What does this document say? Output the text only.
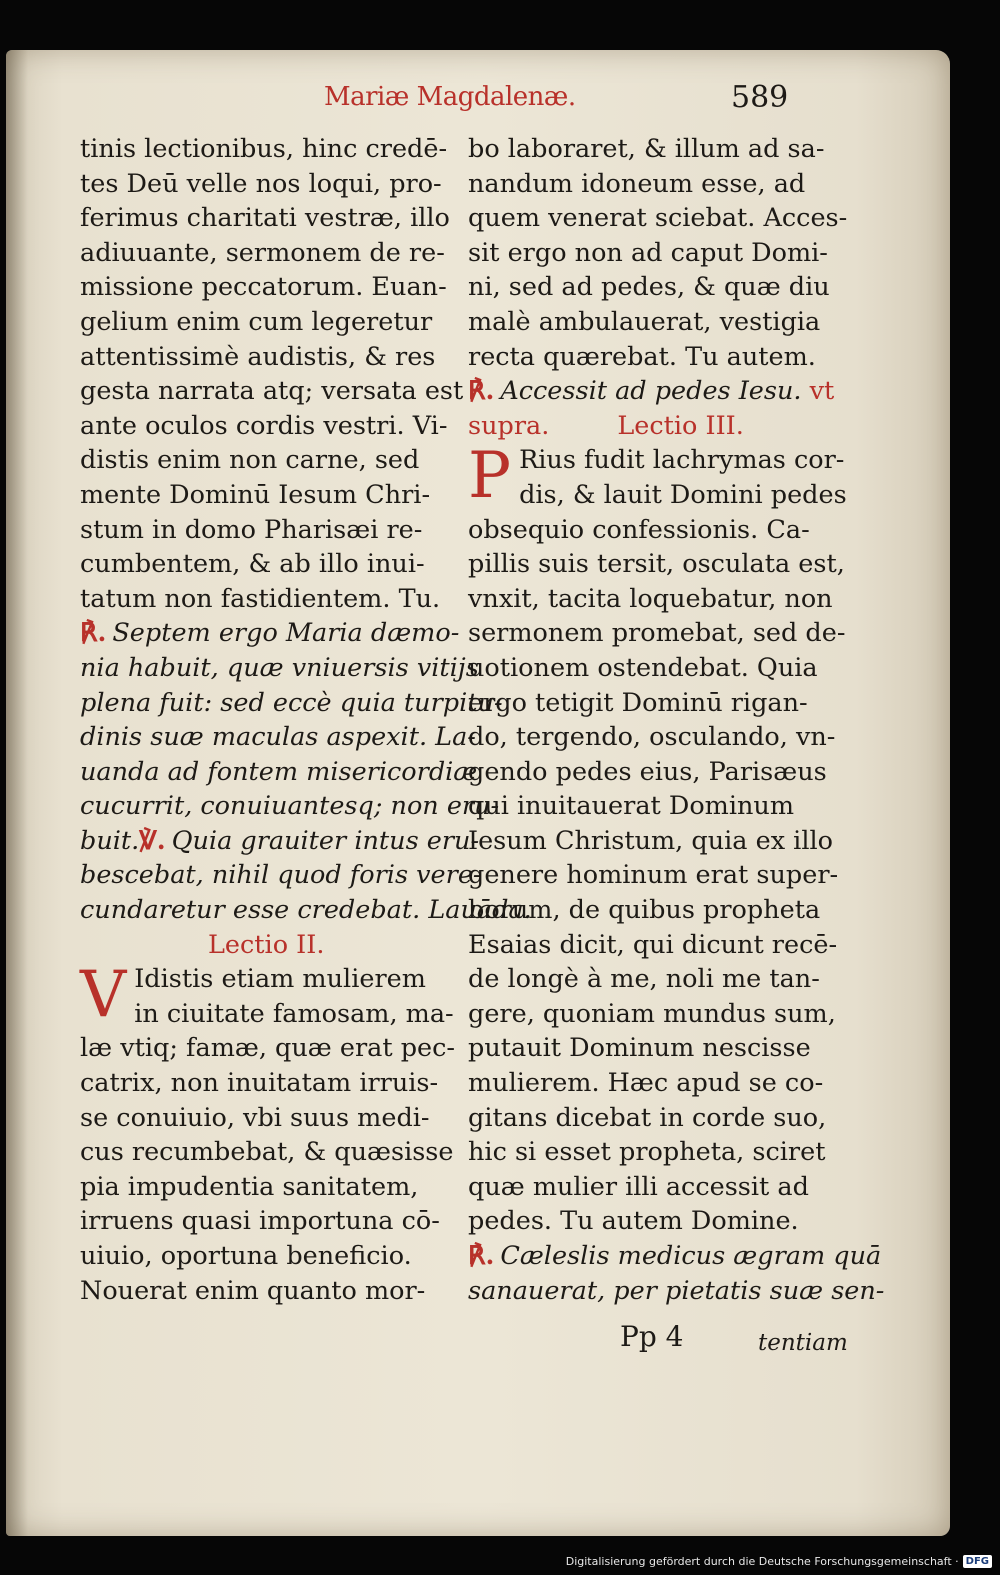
Mariæ Magdalenæ.	589
tinis lectionibus, hinc credē-
tes Deū velle nos loqui, pro-
ferimus charitati vestræ, illo
adiuuante, sermonem de re-
missione peccatorum. Euan-
gelium enim cum legeretur
attentissimè audistis, & res
gesta narrata atq; versata est
ante oculos cordis vestri. Vi-
distis enim non carne, sed
mente Dominū Iesum Chri-
stum in domo Pharisæi re-
cumbentem, & ab illo inui-
tatum non fastidientem. Tu.
℟. Septem ergo Maria dæmo-
nia habuit, quæ vniuersis vitijs
plena fuit: sed eccè quia turpitu-
dinis suæ maculas aspexit. La-
uanda ad fontem misericordiæ
cucurrit, conuiuantesq; non eru-
buit.℣. Quia grauiter intus eru-
bescebat, nihil quod foris vere-
cundaretur esse credebat. Lauāda.
Lectio II.
V Idistis etiam mulierem
in ciuitate famosam, ma-
læ vtiq; famæ, quæ erat pec-
catrix, non inuitatam irruis-
se conuiuio, vbi suus medi-
cus recumbebat, & quæsisse
pia impudentia sanitatem,
irruens quasi importuna cō-
uiuio, oportuna beneficio.
Nouerat enim quanto mor-
bo laboraret, & illum ad sa-
nandum idoneum esse, ad
quem venerat sciebat. Acces-
sit ergo non ad caput Domi-
ni, sed ad pedes, & quæ diu
malè ambulauerat, vestigia
recta quærebat. Tu autem.
℟. Accessit ad pedes Iesu. vt
supra.	Lectio III.
P Rius fudit lachrymas cor-
dis, & lauit Domini pedes
obsequio confessionis. Ca-
pillis suis tersit, osculata est,
vnxit, tacita loquebatur, non
sermonem promebat, sed de-
uotionem ostendebat. Quia
ergo tetigit Dominū rigan-
do, tergendo, osculando, vn-
gendo pedes eius, Parisæus
qui inuitauerat Dominum
Iesum Christum, quia ex illo
genere hominum erat super-
borum, de quibus propheta
Esaias dicit, qui dicunt recē-
de longè à me, noli me tan-
gere, quoniam mundus sum,
putauit Dominum nescisse
mulierem. Hæc apud se co-
gitans dicebat in corde suo,
hic si esset propheta, sciret
quæ mulier illi accessit ad
pedes. Tu autem Domine.
℟. Cæleslis medicus ægram quā
sanauerat, per pietatis suæ sen-
Pp 4	tentiam
Digitalisierung gefördert durch die Deutsche Forschungsgemeinschaft · DFG
